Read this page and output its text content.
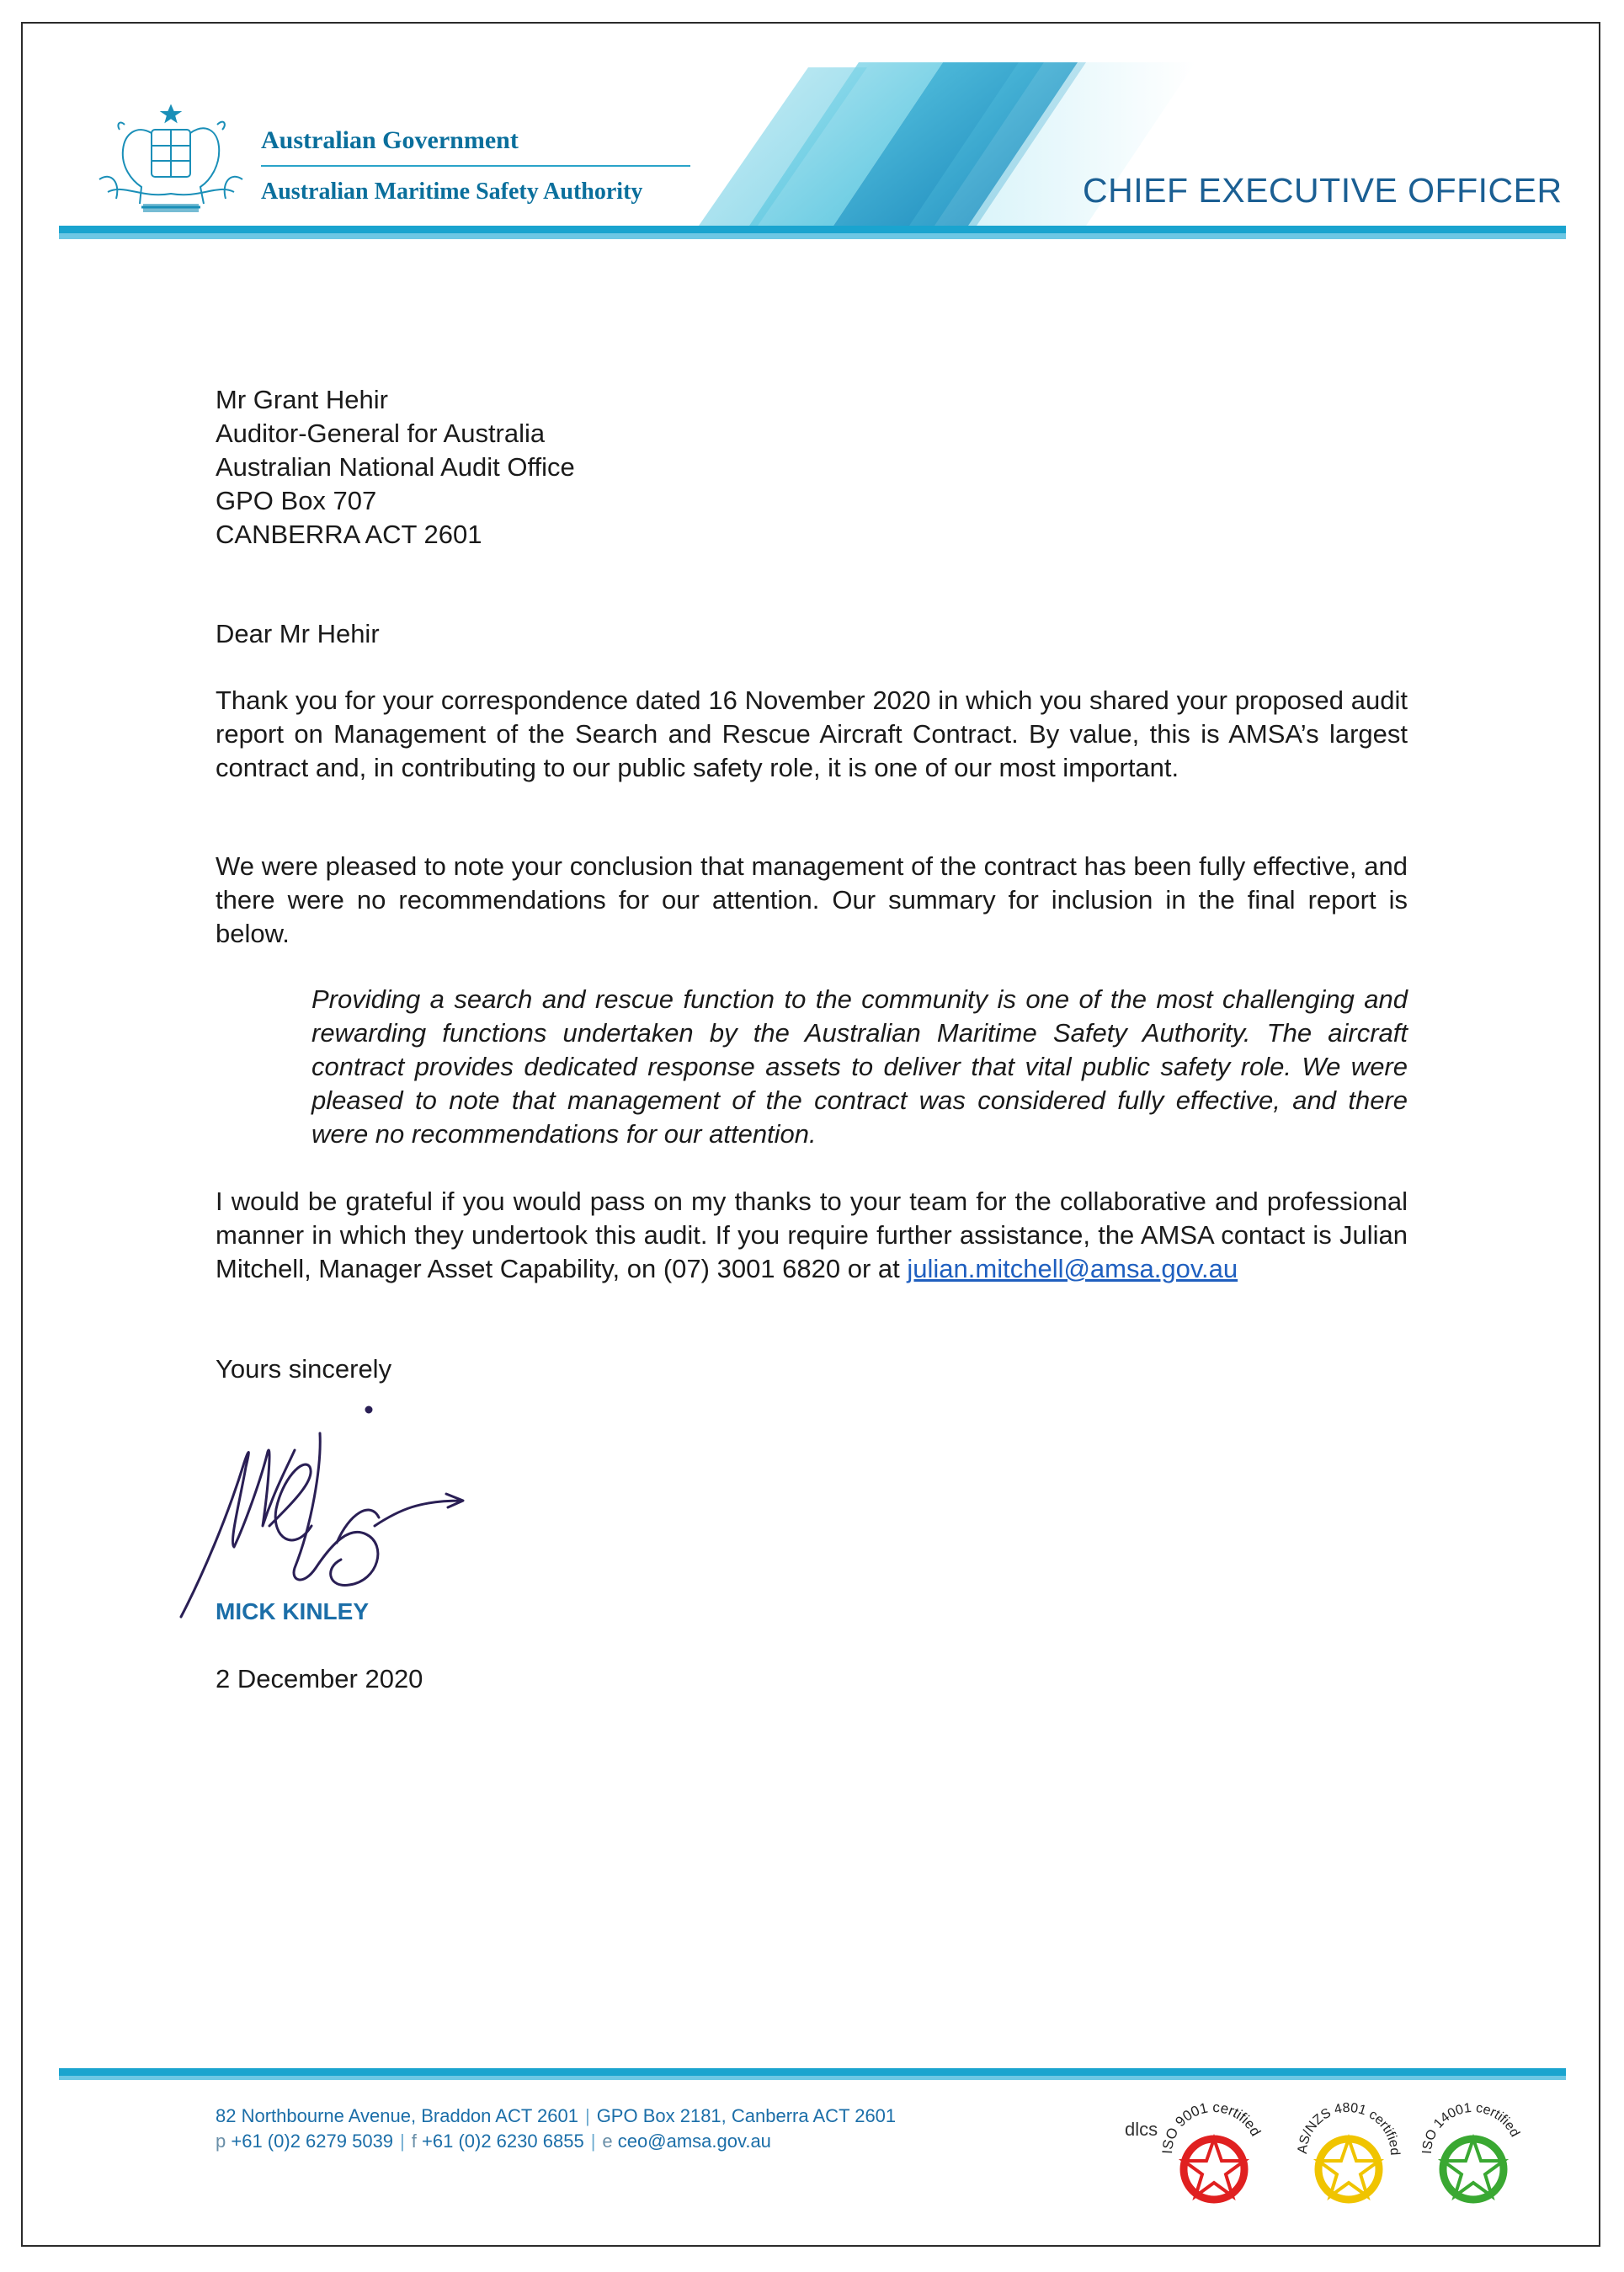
Australian Government
Australian Maritime Safety Authority	CHIEF EXECUTIVE OFFICER
Mr Grant Hehir
Auditor-General for Australia
Australian National Audit Office
GPO Box 707
CANBERRA ACT 2601
Dear Mr Hehir

Thank you for your correspondence dated 16 November 2020 in which you shared your proposed audit report on Management of the Search and Rescue Aircraft Contract. By value, this is AMSA’s largest contract and, in contributing to our public safety role, it is one of our most important.

We were pleased to note your conclusion that management of the contract has been fully effective, and there were no recommendations for our attention. Our summary for inclusion in the final report is below.

Providing a search and rescue function to the community is one of the most challenging and rewarding functions undertaken by the Australian Maritime Safety Authority. The aircraft contract provides dedicated response assets to deliver that vital public safety role. We were pleased to note that management of the contract was considered fully effective, and there were no recommendations for our attention.

I would be grateful if you would pass on my thanks to your team for the collaborative and professional manner in which they undertook this audit. If you require further assistance, the AMSA contact is Julian Mitchell, Manager Asset Capability, on (07) 3001 6820 or at julian.mitchell@amsa.gov.au

Yours sincerely
MICK KINLEY
2 December 2020
82 Northbourne Avenue, Braddon ACT 2601 | GPO Box 2181, Canberra ACT 2601
p +61 (0)2 6279 5039 | f +61 (0)2 6230 6855 | e ceo@amsa.gov.au
dlcs
ISO 9001 certified
AS/NZS 4801 certified ISO 14001 certified
